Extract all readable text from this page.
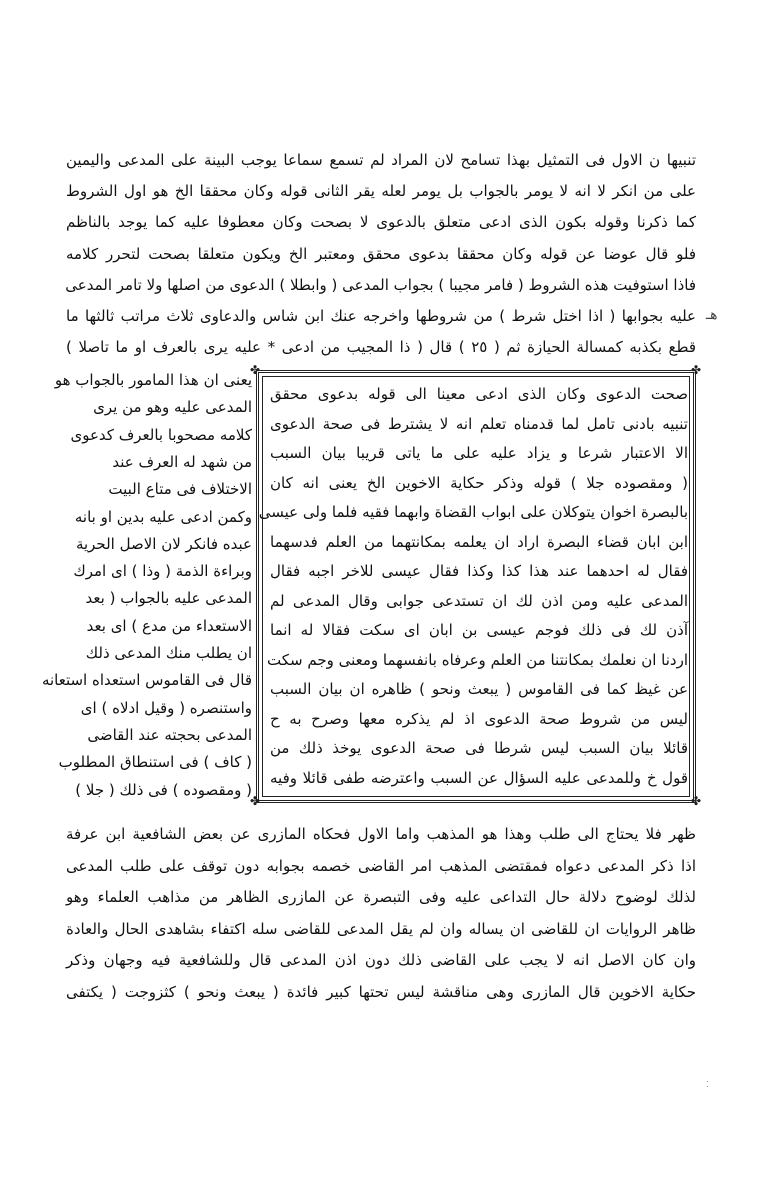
تنبيها ن الاول فى التمثيل بهذا تسامح لان المراد لم تسمع سماعا يوجب البينة على المدعى واليمين
على من انكر لا انه لا يومر بالجواب بل يومر لعله يقر الثانى قوله وكان محققا الخ هو اول الشروط
كما ذكرنا وقوله بكون الذى ادعى متعلق بالدعوى لا بصحت وكان معطوفا عليه كما يوجد بالناظم
فلو قال عوضا عن قوله وكان محققا بدعوى محقق ومعتبر الخ ويكون متعلقا بصحت لتحرر كلامه
فاذا استوفيت هذه الشروط ( فامر مجيبا ) بجواب المدعى ( وابطلا ) الدعوى من اصلها ولا تامر المدعى
عليه بجوابها ( اذا اختل شرط ) من شروطها واخرجه عنك ابن شاس والدعاوى ثلاث مراتب ثالثها ما
قطع بكذبه كمسالة الحيازة ثم ( ٢٥ ) قال ( ذا المجيب من ادعى * عليه يرى بالعرف او ما تاصلا )
✤	✤
✤	✤
صحت الدعوى وكان الذى ادعى معينا الى قوله بدعوى محقق
تنبيه بادنى تامل لما قدمناه تعلم انه لا يشترط فى صحة الدعوى
الا الاعتبار شرعا و يزاد عليه على ما ياتى قريبا بيان السبب
( ومقصوده جلا ) قوله وذكر حكاية الاخوين الخ يعنى انه كان
بالبصرة اخوان يتوكلان على ابواب القضاة وابهما فقيه فلما ولى عيسى
ابن ابان قضاء البصرة اراد ان يعلمه بمكانتهما من العلم فدسهما
فقال له احدهما عند هذا كذا وكذا فقال عيسى للاخر اجبه فقال
المدعى عليه ومن اذن لك ان تستدعى جوابى وقال المدعى لم
آذن لك فى ذلك فوجم عيسى بن ابان اى سكت فقالا له انما
اردنا ان نعلمك بمكانتنا من العلم وعرفاه بانفسهما ومعنى وجم سكت
عن غيظ كما فى القاموس ( يبعث ونحو ) ظاهره ان بيان السبب
ليس من شروط صحة الدعوى اذ لم يذكره معها وصرح به ح
قائلا بيان السبب ليس شرطا فى صحة الدعوى يوخذ ذلك من
قول خ وللمدعى عليه السؤال عن السبب واعترضه طفى قائلا وفيه
يعنى ان هذا المامور بالجواب هو
المدعى عليه وهو من يرى
كلامه مصحوبا بالعرف كدعوى
من شهد له العرف عند
الاختلاف فى متاع البيت
وكمن ادعى عليه بدين او بانه
عبده فانكر لان الاصل الحرية
وبراءة الذمة ( وذا ) اى امرك
المدعى عليه بالجواب ( بعد
الاستعداء من مدع ) اى بعد
ان يطلب منك المدعى ذلك
قال فى القاموس استعداه استعانه
واستنصره ( وقيل ادلاه ) اى
المدعى بحجته عند القاضى
( كاف ) فى استنطاق المطلوب
( ومقصوده ) فى ذلك ( جلا )
ظهر فلا يحتاج الى طلب وهذا هو المذهب واما الاول فحكاه المازرى عن بعض الشافعية ابن عرفة
اذا ذكر المدعى دعواه فمقتضى المذهب امر القاضى خصمه بجوابه دون توقف على طلب المدعى
لذلك لوضوح دلالة حال التداعى عليه وفى التبصرة عن المازرى الظاهر من مذاهب العلماء وهو
ظاهر الروايات ان للقاضى ان يساله وان لم يقل المدعى للقاضى سله اكتفاء بشاهدى الحال والعادة
وان كان الاصل انه لا يجب على القاضى ذلك دون اذن المدعى قال وللشافعية فيه وجهان وذكر
حكاية الاخوين قال المازرى وهى مناقشة ليس تحتها كبير فائدة ( يبعث ونحو ) كثزوجت ( يكتفى
ﻫـ
⁚
